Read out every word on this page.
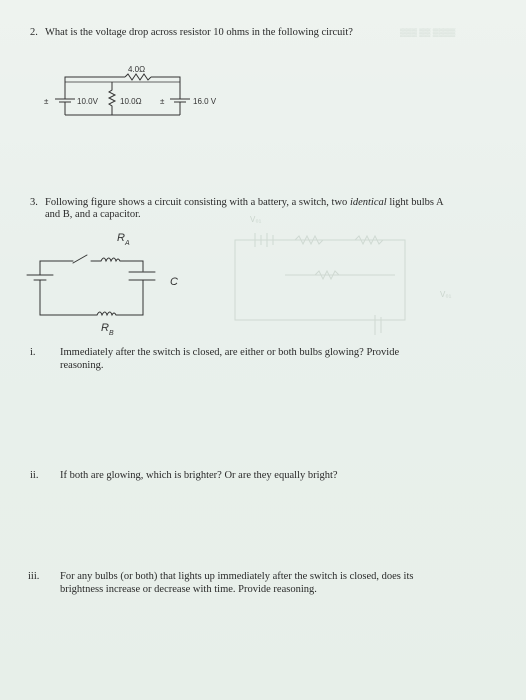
2. What is the voltage drop across resistor 10 ohms in the following circuit?	▒▒▒ ▒▒ ▒▒▒▒
V₀₁
V₀₁
4.0Ω
±	10.0V	10.0Ω ±	16.0 V
3. Following figure shows a circuit consisting with a battery, a switch, two identical light bulbs A
and B, and a capacitor.
R A
C
R B
i. Immediately after the switch is closed, are either or both bulbs glowing? Provide
reasoning.
ii. If both are glowing, which is brighter? Or are they equally bright?
iii. For any bulbs (or both) that lights up immediately after the switch is closed, does its
brightness increase or decrease with time. Provide reasoning.
